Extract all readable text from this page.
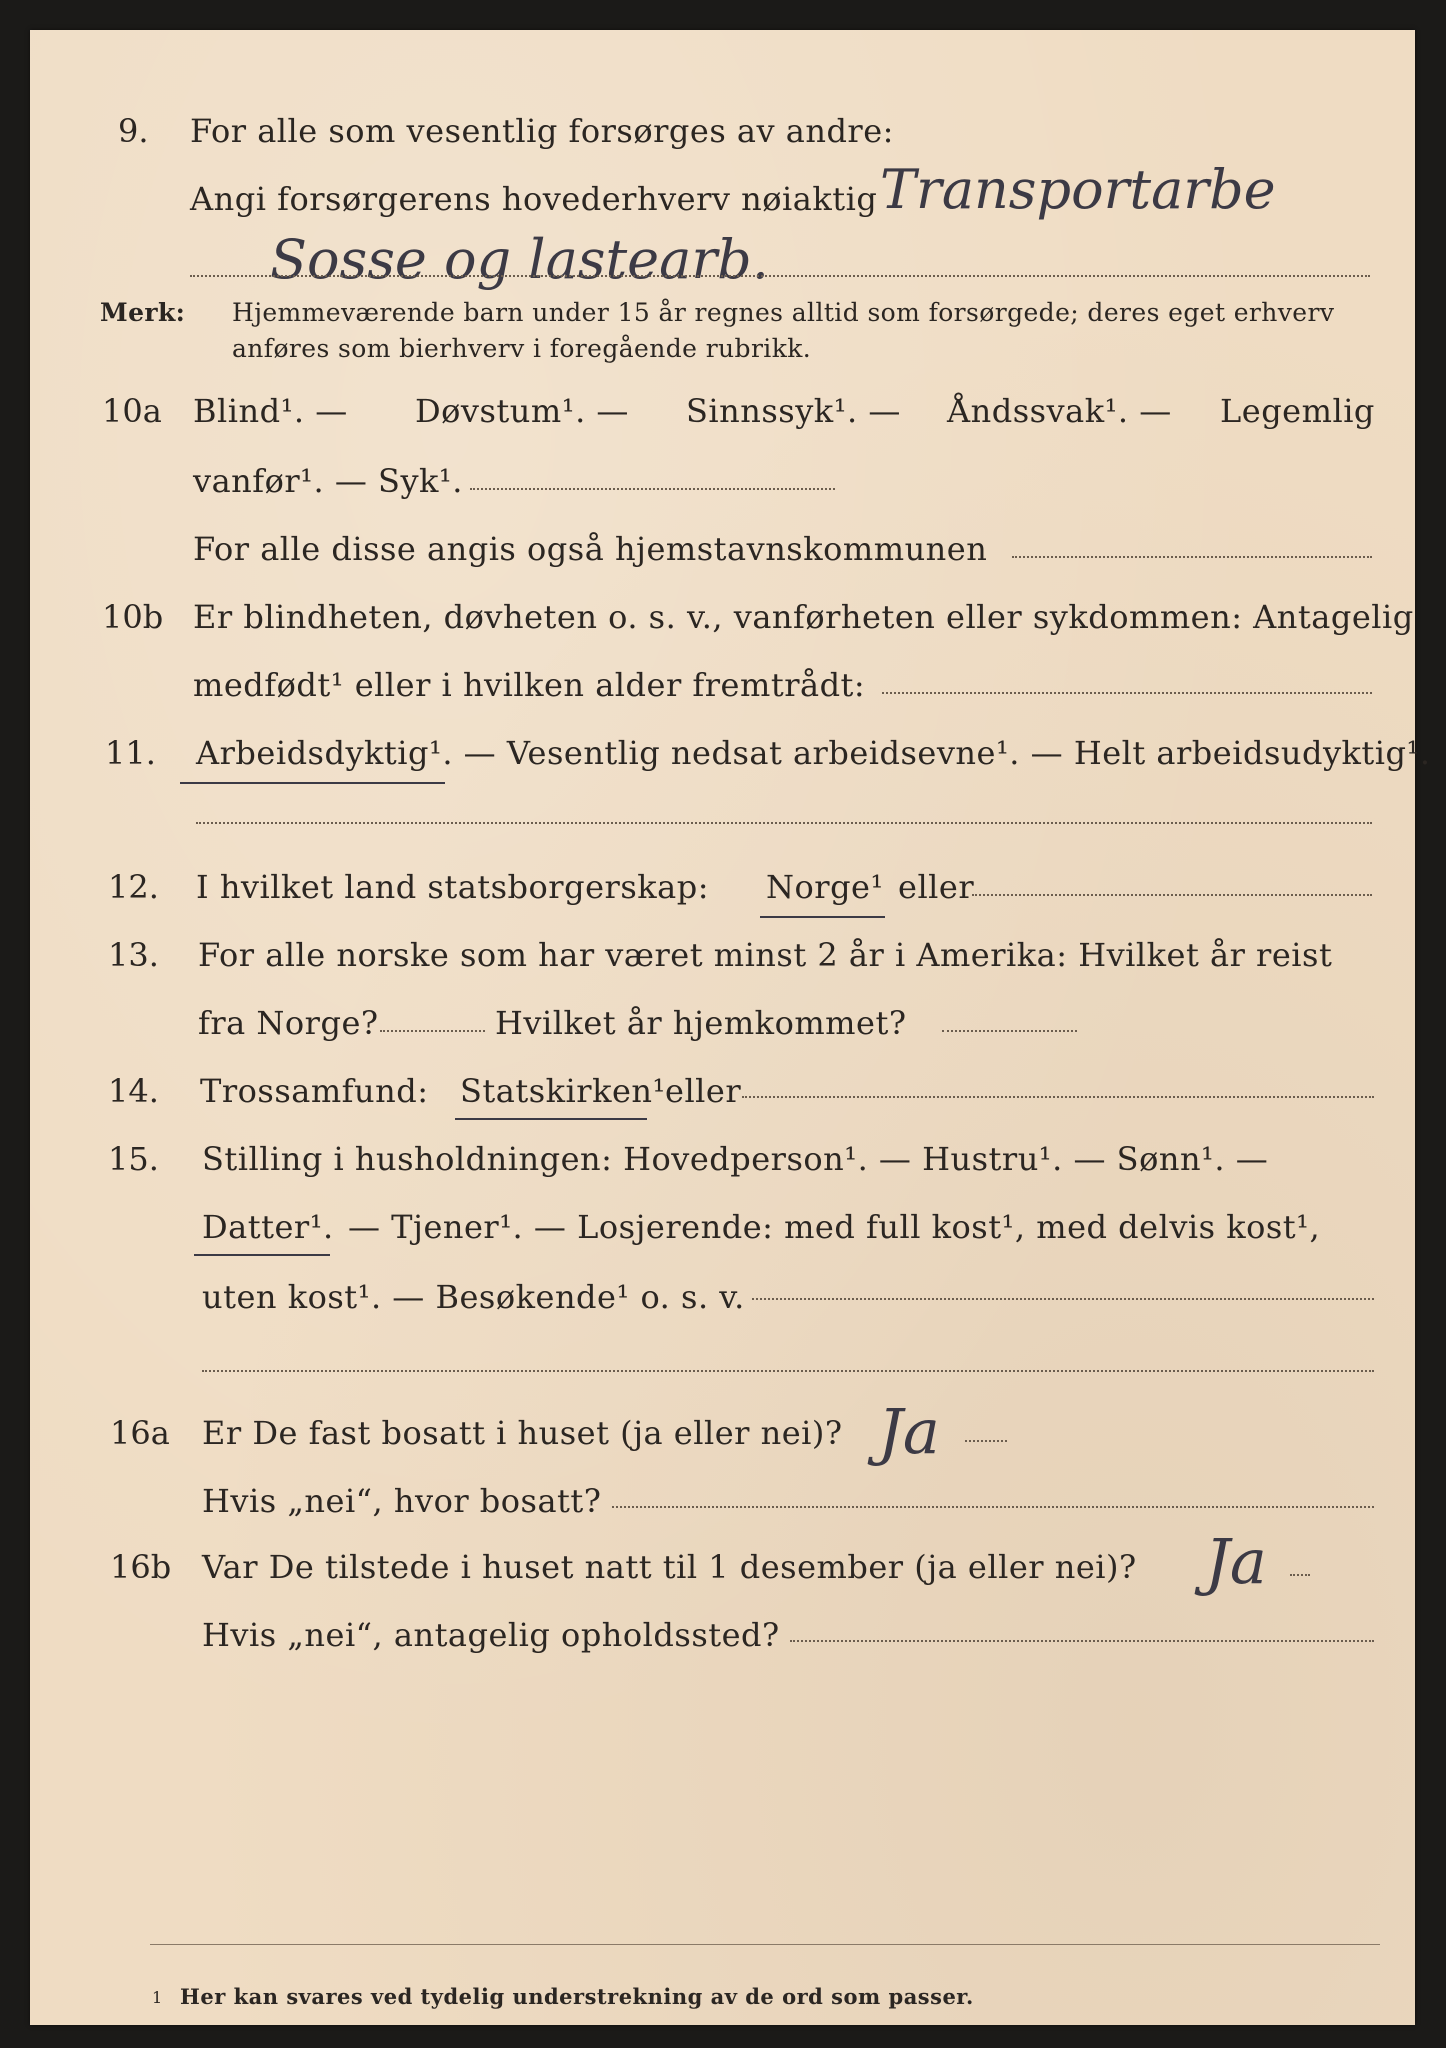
9. For alle som vesentlig forsørges av andre:
Angi forsørgerens hovederhverv nøiaktig Transportarbe
Sosse og lastearb.
Merk: Hjemmeværende barn under 15 år regnes alltid som forsørgede; deres eget erhverv
anføres som bierhverv i foregående rubrikk.
10a Blind¹. — Døvstum¹. — Sinnssyk¹. — Åndssvak¹. — Legemlig
vanfør¹. — Syk¹.
For alle disse angis også hjemstavnskommunen
10b Er blindheten, døvheten o. s. v., vanførheten eller sykdommen: Antagelig
medfødt¹ eller i hvilken alder fremtrådt:
11. Arbeidsdyktig¹. — Vesentlig nedsat arbeidsevne¹. — Helt arbeidsudyktig¹.
12. I hvilket land statsborgerskap: Norge¹ eller
13. For alle norske som har været minst 2 år i Amerika: Hvilket år reist
fra Norge?	Hvilket år hjemkommet?
14. Trossamfund: Statskirken¹ eller
15. Stilling i husholdningen: Hovedperson¹. — Hustru¹. — Sønn¹. —
Datter¹. — Tjener¹. — Losjerende: med full kost¹, med delvis kost¹,
uten kost¹. — Besøkende¹ o. s. v.
16a Er De fast bosatt i huset (ja eller nei)? Ja
Hvis „nei“, hvor bosatt?
16b Var De tilstede i huset natt til 1 desember (ja eller nei)? Ja
Hvis „nei“, antagelig opholdssted?
1 Her kan svares ved tydelig understrekning av de ord som passer.
